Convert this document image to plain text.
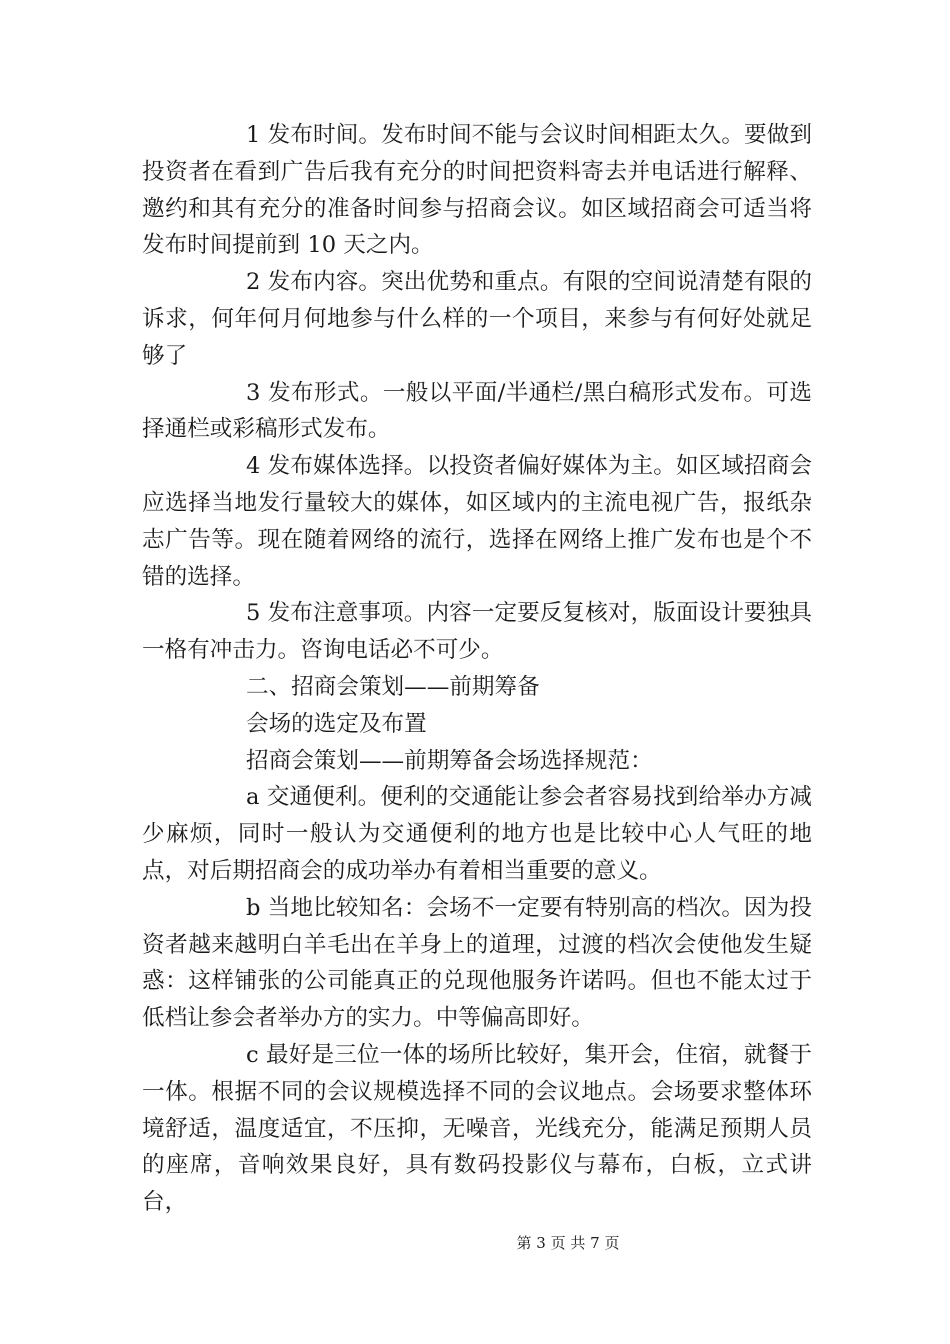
1 发布时间。发布时间不能与会议时间相距太久。要做到投资者在看到广告后我有充分的时间把资料寄去并电话进行解释、邀约和其有充分的准备时间参与招商会议。如区域招商会可适当将发布时间提前到 10 天之内。

2 发布内容。突出优势和重点。有限的空间说清楚有限的诉求，何年何月何地参与什么样的一个项目，来参与有何好处就足够了

3 发布形式。一般以平面/半通栏/黑白稿形式发布。可选择通栏或彩稿形式发布。

4 发布媒体选择。以投资者偏好媒体为主。如区域招商会应选择当地发行量较大的媒体，如区域内的主流电视广告，报纸杂志广告等。现在随着网络的流行，选择在网络上推广发布也是个不错的选择。

5 发布注意事项。内容一定要反复核对，版面设计要独具一格有冲击力。咨询电话必不可少。

二、招商会策划——前期筹备

会场的选定及布置

招商会策划——前期筹备会场选择规范：

a 交通便利。便利的交通能让参会者容易找到给举办方减少麻烦，同时一般认为交通便利的地方也是比较中心人气旺的地点，对后期招商会的成功举办有着相当重要的意义。

b 当地比较知名：会场不一定要有特别高的档次。因为投资者越来越明白羊毛出在羊身上的道理，过渡的档次会使他发生疑惑：这样铺张的公司能真正的兑现他服务许诺吗。但也不能太过于低档让参会者举办方的实力。中等偏高即好。

c 最好是三位一体的场所比较好，集开会，住宿，就餐于一体。根据不同的会议规模选择不同的会议地点。会场要求整体环境舒适，温度适宜，不压抑，无噪音，光线充分，能满足预期人员的座席，音响效果良好，具有数码投影仪与幕布，白板，立式讲台，

第 3 页 共 7 页
